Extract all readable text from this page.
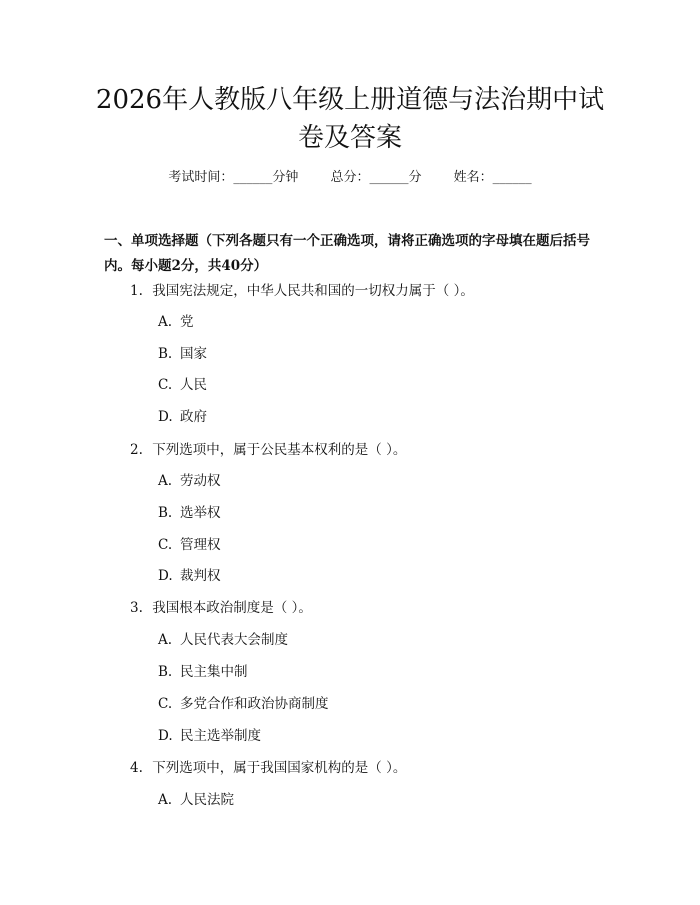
2026年人教版八年级上册道德与法治期中试
卷及答案
考试时间：______分钟 总分：______分 姓名：______
一、单项选择题（下列各题只有一个正确选项，请将正确选项的字母填在题后括号内。每小题2分，共40分）
1. 我国宪法规定，中华人民共和国的一切权力属于（ ）。
A. 党
B. 国家
C. 人民
D. 政府
2. 下列选项中，属于公民基本权利的是（ ）。
A. 劳动权
B. 选举权
C. 管理权
D. 裁判权
3. 我国根本政治制度是（ ）。
A. 人民代表大会制度
B. 民主集中制
C. 多党合作和政治协商制度
D. 民主选举制度
4. 下列选项中，属于我国国家机构的是（ ）。
A. 人民法院
